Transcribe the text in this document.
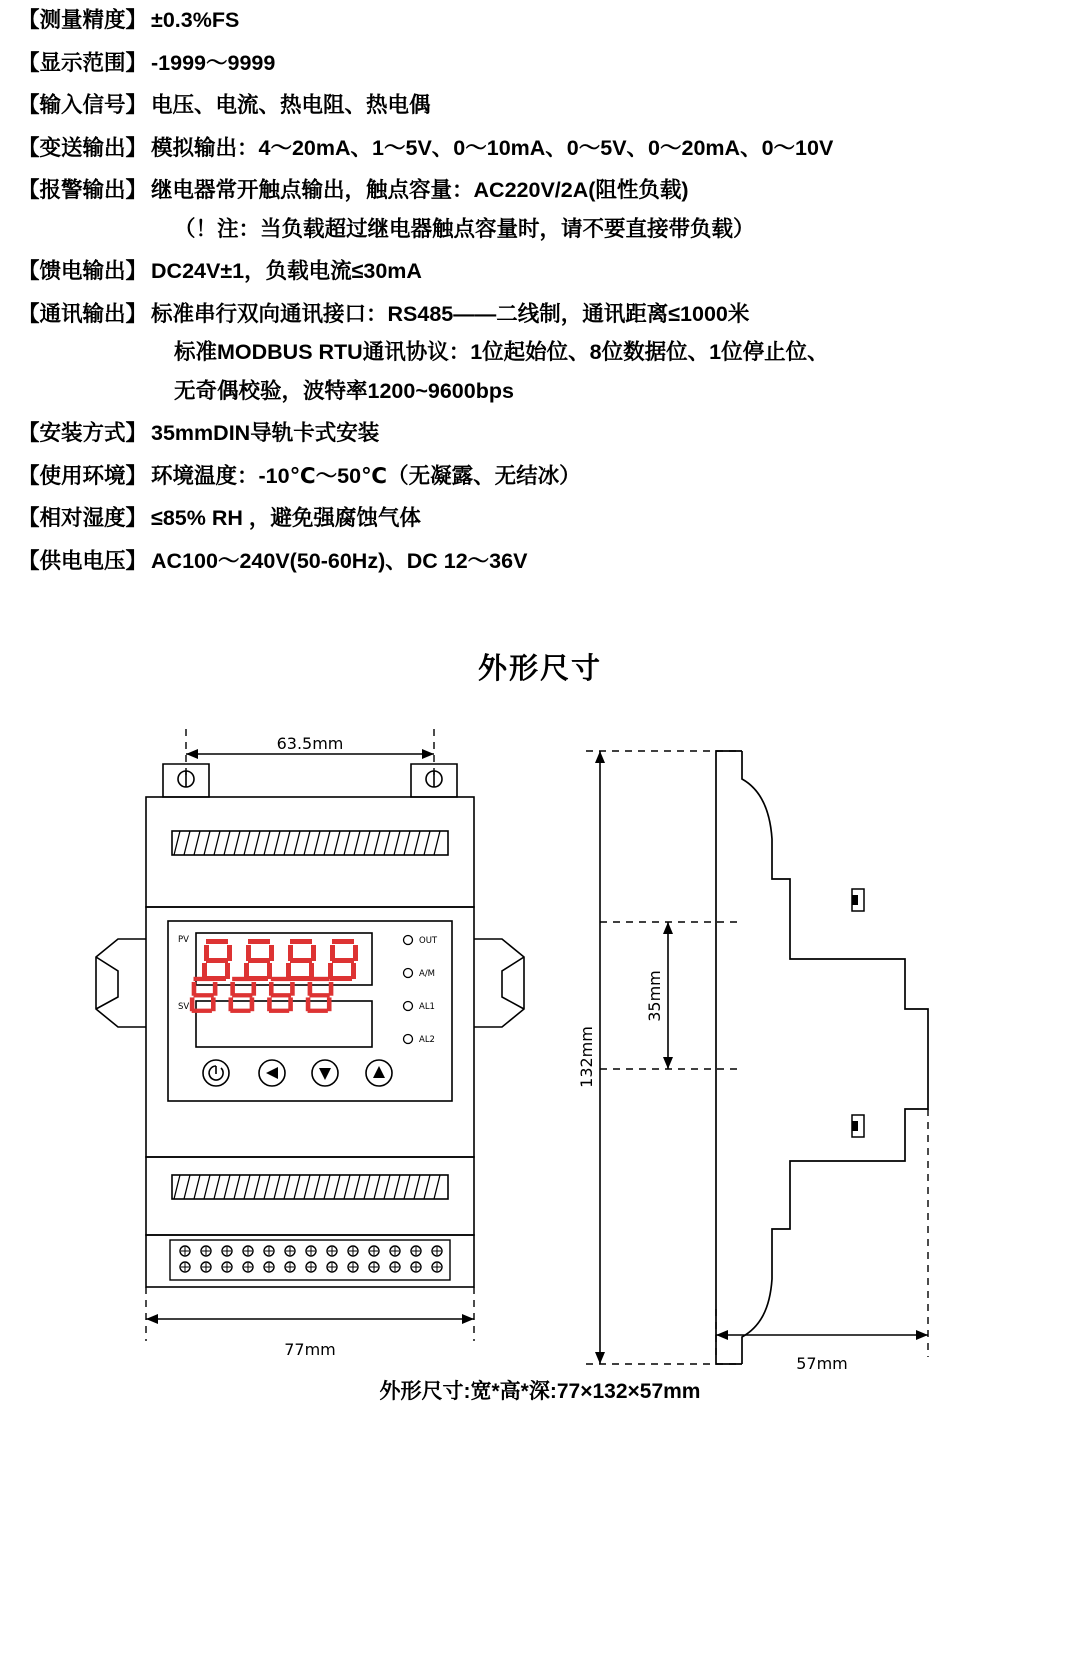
【测量精度】 ±0.3%FS
【显示范围】 -1999～9999
【输入信号】 电压、电流、热电阻、热电偶
【变送输出】 模拟输出：4～20mA、1～5V、0～10mA、0～5V、0～20mA、0～10V
【报警输出】 继电器常开触点输出，触点容量：AC220V/2A(阻性负载)
（！注：当负载超过继电器触点容量时，请不要直接带负载）
【馈电输出】 DC24V±1，负载电流≤30mA
【通讯输出】 标准串行双向通讯接口：RS485——二线制，通讯距离≤1000米
标准MODBUS RTU通讯协议：1位起始位、8位数据位、1位停止位、
无奇偶校验，波特率1200~9600bps
【安装方式】 35mmDIN导轨卡式安装
【使用环境】 环境温度：-10℃～50℃（无凝露、无结冰）
【相对湿度】 ≤85% RH ，避免强腐蚀气体
【供电电压】 AC100～240V(50-60Hz)、DC 12～36V
外形尺寸
PV
SV
OUT
A/M
AL1
AL2
63.5mm
77mm
132mm
35mm
57mm
外形尺寸:宽*高*深:77×132×57mm
